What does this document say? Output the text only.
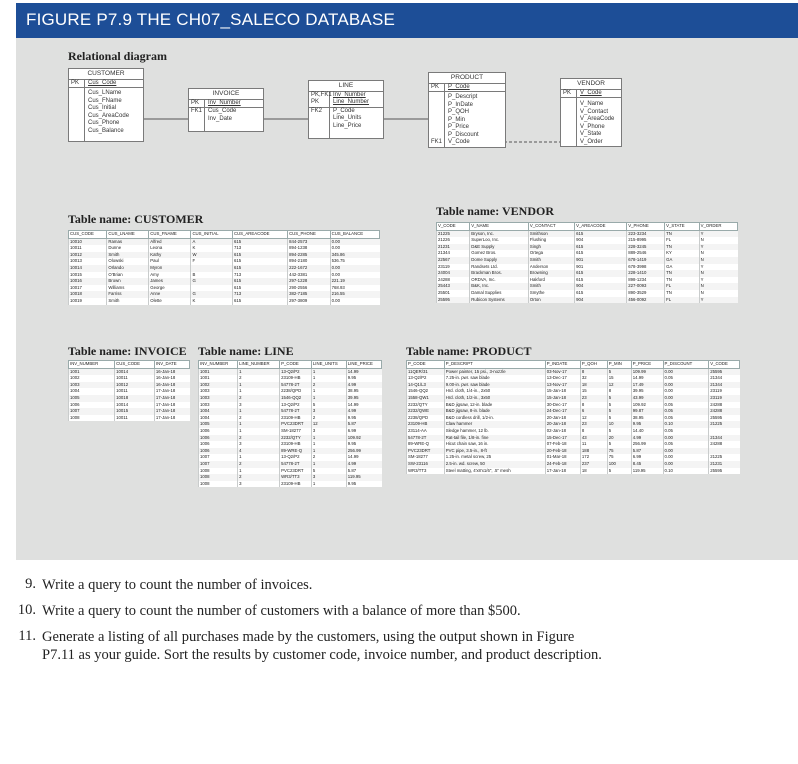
FIGURE P7.9 THE CH07_SALECO DATABASE
Relational diagram
CUSTOMER
PK	Cus_Code
Cus_LName
Cus_FName
Cus_Initial
Cus_AreaCode
Cus_Phone
Cus_Balance
INVOICE
PK	Inv_Number
FK1 Cus_Code
Inv_Date
LINE
PK,FK1
PK
Inv_Number
Line_Number
FK2	P_Code
Line_Units
Line_Price
PRODUCT
PK	P_Code
FK1
P_Descript
P_InDate
P_QOH
P_Min
P_Price
P_Discount
V_Code
VENDOR
PK	V_Code
V_Name
V_Contact
V_AreaCode
V_Phone
V_State
V_Order
Table name: CUSTOMER
CUS_CODE	CUS_LNAME	CUS_FNAME	CUS_INITIAL	CUS_AREACODE	CUS_PHONE	CUS_BALANCE
10010	Ramas	Alfred	A	615	844-2573	0.00
10011	Dunne	Leona	K	713	894-1238	0.00
10012	Smith	Kathy	W	615	894-2285	345.86
10013	Olowski	Paul	F	615	894-2180	536.75
10014	Orlando	Myron		615	222-1672	0.00
10015	O'Brian	Amy	B	713	442-3381	0.00
10016	Brown	James	G	615	297-1228	221.19
10017	Williams	George		615	290-2556	768.93
10018	Farriss	Anne	G	713	382-7185	216.55
10019	Smith	Olette	K	615	297-3809	0.00
Table name: VENDOR
V_CODE	V_NAME	V_CONTACT	V_AREACODE	V_PHONE	V_STATE	V_ORDER
21225	Bryson, Inc.	Smithson	615	223-3234	TN	Y
21226	SuperLoo, Inc.	Flushing	904	215-8995	FL	N
21231	D&E Supply	Singh	615	228-3245	TN	Y
21344	Gomez Bros.	Ortega	615	889-2546	KY	N
22567	Dome Supply	Smith	901	678-1419	GA	N
23119	Randsets Ltd.	Anderson	901	678-3998	GA	Y
24004	Brackman Bros.	Browning	615	228-1410	TN	N
24288	ORDVA, Inc.	Hakford	615	898-1234	TN	Y
25443	B&K, Inc.	Smith	904	227-0093	FL	N
25501	Damal Supplies	Smythe	615	890-3529	TN	N
25595	Rubicon Systems	Orton	904	456-0092	FL	Y
Table name: INVOICE
INV_NUMBER	CUS_CODE	INV_DATE
1001	10014	16-Jan-18
1002	10011	16-Jan-18
1003	10012	16-Jan-18
1004	10011	17-Jan-18
1005	10018	17-Jan-18
1006	10014	17-Jan-18
1007	10015	17-Jan-18
1008	10011	17-Jan-18
Table name: LINE
INV_NUMBER	LINE_NUMBER	P_CODE	LINE_UNITS	LINE_PRICE
1001	1	13-Q2/P2	1	14.99
1001	2	23109-HB	1	9.95
1002	1	54778-2T	2	4.99
1003	1	2238/QPD	1	38.95
1003	2	1546-QQ2	1	39.95
1003	3	13-Q2/P2	5	14.99
1004	1	54778-2T	3	4.99
1004	2	23109-HB	2	9.95
1005	1	PVC23DRT	12	5.87
1006	1	SM-18277	3	6.99
1006	2	2232/QTY	1	109.92
1006	3	23109-HB	1	9.95
1006	4	89-WRE-Q	1	256.99
1007	1	13-Q2/P2	2	14.99
1007	2	54778-2T	1	4.99
1008	1	PVC23DRT	5	5.87
1008	2	WR3/TT3	3	119.95
1008	3	23109-HB	1	9.95
Table name: PRODUCT
P_CODE	P_DESCRIPT	P_INDATE	P_QOH	P_MIN	P_PRICE	P_DISCOUNT	V_CODE
11QER/31	Power painter, 15 psi., 3-nozzle	03-Nov-17	8	5	109.99	0.00	25595
13-Q2/P2	7.25-in. pwr. saw blade	13-Dec-17	32	15	14.99	0.05	21344
14-Q1/L3	9.00-in. pwr. saw blade	13-Nov-17	18	12	17.49	0.00	21344
1546-QQ2	Hrd. cloth, 1/4-in., 2x50	15-Jan-18	15	8	39.95	0.00	23119
1558-QW1	Hrd. cloth, 1/2-in., 3x50	15-Jan-18	23	5	43.99	0.00	23119
2232/QTY	B&D jigsaw, 12-in. blade	30-Dec-17	8	5	109.92	0.05	24288
2232/QWE	B&D jigsaw, 8-in. blade	24-Dec-17	6	5	99.87	0.05	24288
2238/QPD	B&D cordless drill, 1/2-in.	20-Jan-18	12	5	38.95	0.05	25595
23109-HB	Claw hammer	20-Jan-18	23	10	9.95	0.10	21225
23114-AA	Sledge hammer, 12 lb.	02-Jan-18	8	5	14.40	0.05	
54778-2T	Rat-tail file, 1/8-in. fine	15-Dec-17	43	20	4.99	0.00	21344
89-WRE-Q	Hicut chain saw, 16 in.	07-Feb-18	11	5	256.99	0.05	24288
PVC23DRT	PVC pipe, 3.5-in., 8-ft	20-Feb-18	188	75	5.87	0.00	
SM-18277	1.25-in. metal screw, 25	01-Mar-18	172	75	6.99	0.00	21225
SW-23116	2.5-in. wd. screw, 50	24-Feb-18	237	100	8.45	0.00	21231
WR3/TT3	Steel matting, 4'x8'x1/6", .5" mesh	17-Jan-18	18	5	119.95	0.10	25595
9. Write a query to count the number of invoices.
10. Write a query to count the number of customers with a balance of more than $500.
11. Generate a listing of all purchases made by the customers, using the output shown in Figure P7.11 as your guide. Sort the results by customer code, invoice number, and product description.
